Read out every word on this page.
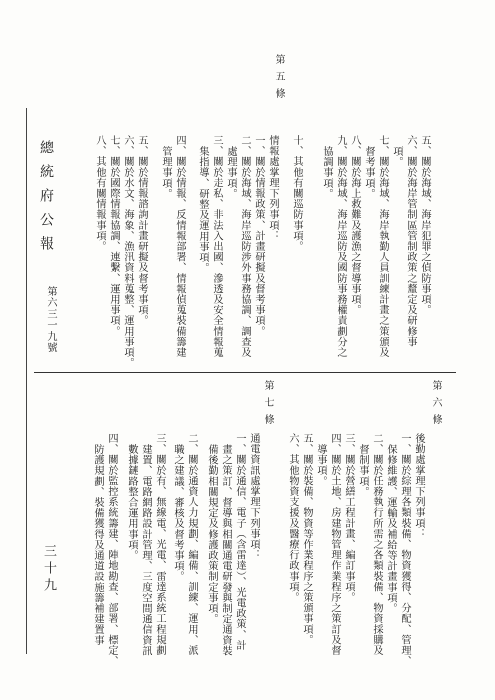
總統府公報
第六三一九號
三十九
第五條
五、關於海域、海岸犯罪之偵防事項。
六、關於海岸管制區管制政策之釐定及研修事
項。
七、關於海域、海岸執勤人員訓練計畫之策頒及
督考事項。
八、關於海上救難及護漁之督導事項。
九、關於海域、海岸巡防及國防事務權責劃分之
協調事項。
十、其他有關巡防事項。
情報處掌理下列事項：
一、關於情報政策、計畫研擬及督考事項。
二、關於海域、海岸巡防涉外事務協調、調查及
處理事項。
三、關於走私、非法入出國、滲透及安全情報蒐
集指導、研整及運用事項。
四、關於情報、反情報部署、情報偵蒐裝備籌建
管理事項。
五、關於情報諮詢計畫研擬及督考事項。
六、關於水文、海象、漁汛資料蒐整、運用事項。
七、關於國際情報協調、連繫、運用事項。
八、其他有關情報事項。
第六條
第七條
後勤處掌理下列事項：
一、關於綜理各類裝備、物資獲得、分配、管理、
保修維護、運輸及補給等計畫事項。
二、關於任務執行所需之各類裝備、物資採購及
督制事項。
三、關於營繕工程計畫、編訂事項。
四、關於土地、房建物管理作業程序之策訂及督
導事項。
五、關於裝備、物資等作業程序之策頒事項。
六、其他物資支援及醫療行政事項。
通電資訊處掌理下列事項：
一、關於通信、電子（含雷達）、光電政策、計
畫之策訂、督導與相關通電研發與制定通資裝
備後勤相關規定及修護政策制定事項。
二、關於通資人力規劃、編備、訓練、運用、派
職之建議、審核及督考事項。
三、關於有、無線電、光電、雷達系統工程規劃
建置、電路網路設計管理、三度空間通信資訊
數據鏈路整合運用事項。
四、關於監控系統籌建、陣地勘查、部署、標定、
防護規劃、裝備獲得及通道設施籌補建置事
